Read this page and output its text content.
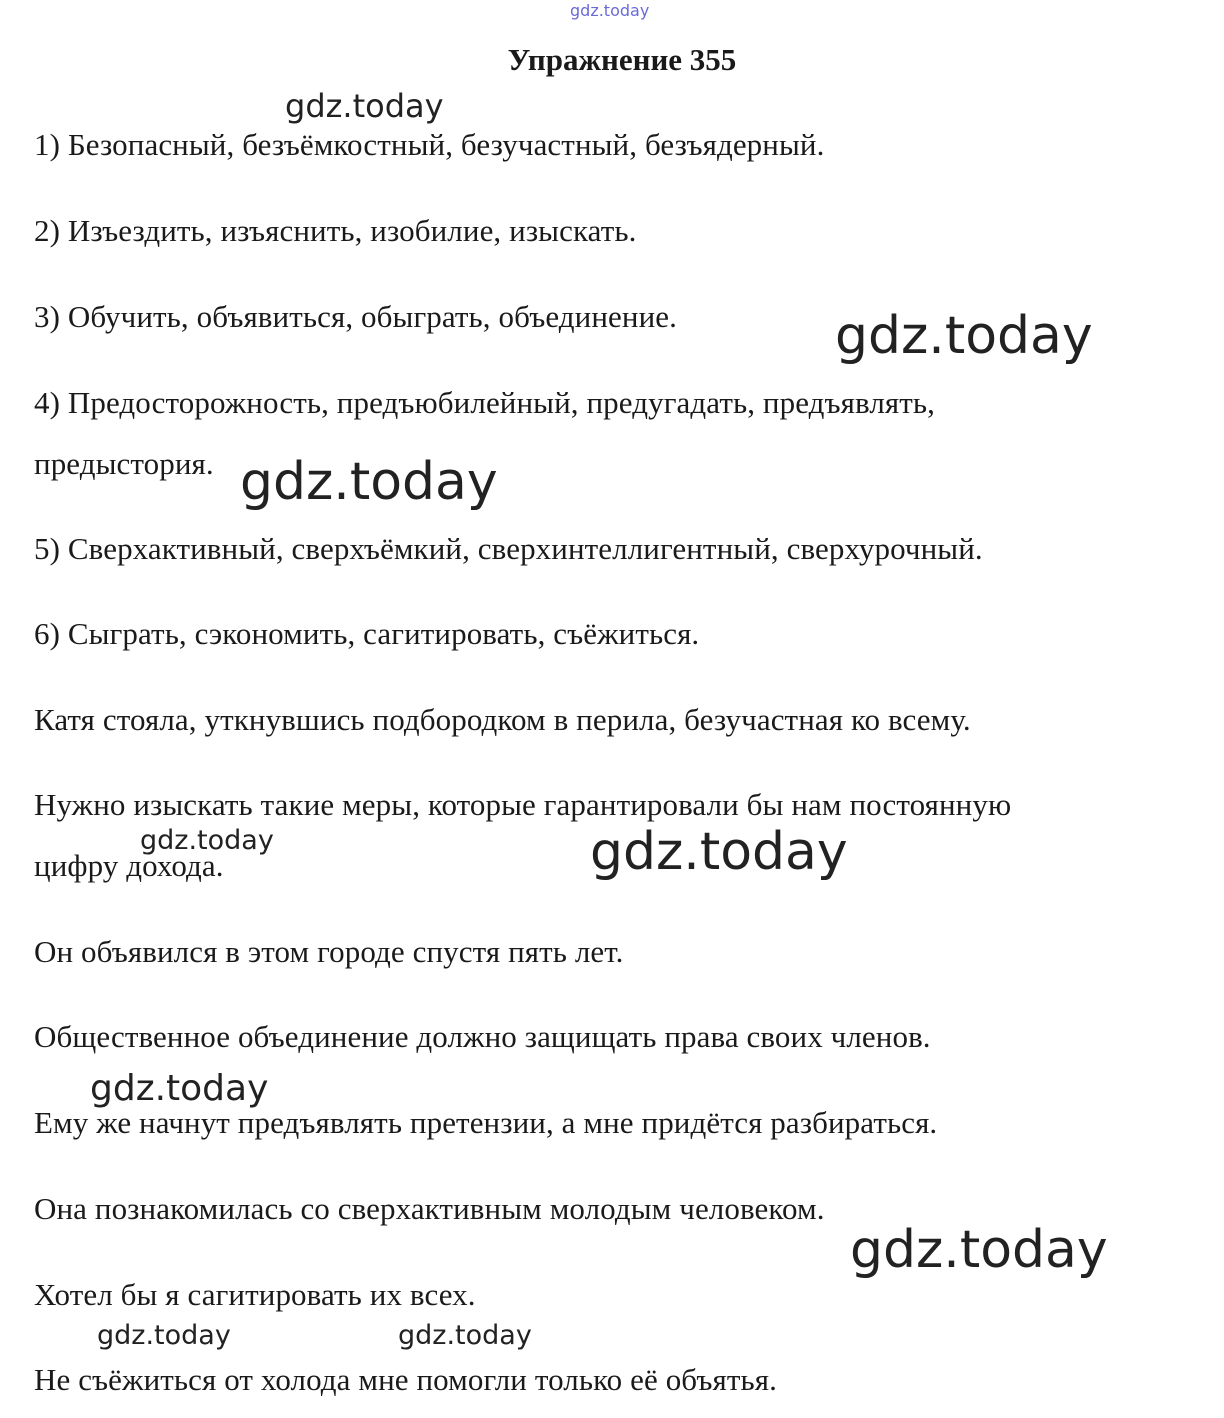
gdz.today
Упражнение 355
1) Безопасный, безъёмкостный, безучастный, безъядерный.
2) Изъездить, изъяснить, изобилие, изыскать.
3) Обучить, объявиться, обыграть, объединение.
4) Предосторожность, предъюбилейный, предугадать, предъявлять,
предыстория.
5) Сверхактивный, сверхъёмкий, сверхинтеллигентный, сверхурочный.
6) Сыграть, сэкономить, сагитировать, съёжиться.
Катя стояла, уткнувшись подбородком в перила, безучастная ко всему.
Нужно изыскать такие меры, которые гарантировали бы нам постоянную
цифру дохода.
Он объявился в этом городе спустя пять лет.
Общественное объединение должно защищать права своих членов.
Ему же начнут предъявлять претензии, а мне придётся разбираться.
Она познакомилась со сверхактивным молодым человеком.
Хотел бы я сагитировать их всех.
Не съёжиться от холода мне помогли только её объятья.
gdz.today
gdz.today
gdz.today
gdz.today	gdz.today
gdz.today
gdz.today
gdz.today	gdz.today
